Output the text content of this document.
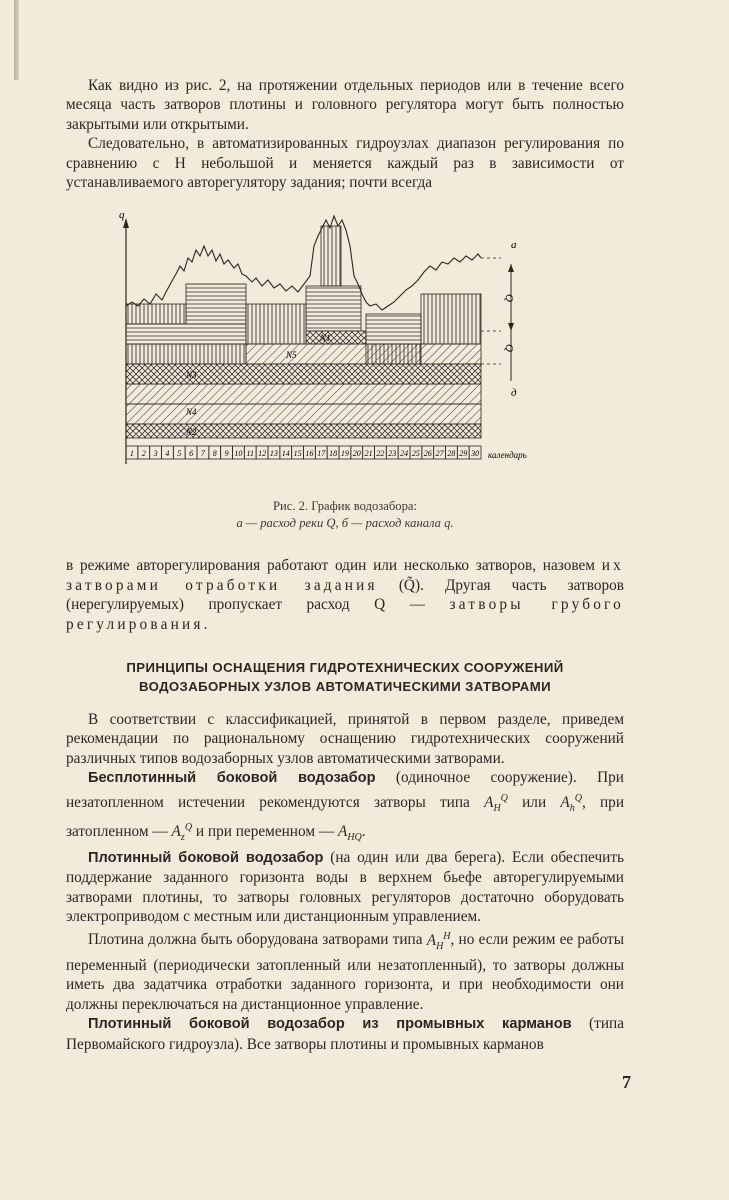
Как видно из рис. 2, на протяжении отдельных периодов или в течение всего месяца часть затворов плотины и головного регулятора могут быть полностью закрытыми или открытыми.

Следовательно, в автоматизированных гидроузлах диапазон регулирования по сравнению с H небольшой и меняется каждый раз в зависимости от устанавливаемого авторегулятору задания; почти всегда

q
а
Q
Q
д
N4
N2
N3
N5
N1
1 2 3 4 5 6 7 8 9 10 11 12 13 14 15 16 17 18 19 20 21 22 23 24 25 26 27 28 29 30 календарь
Рис. 2. График водозабора:
а — расход реки Q, б — расход канала q.

в режиме авторегулирования работают один или несколько затворов, назовем их затворами отработки задания (Q̃). Другая часть затворов (нерегулируемых) пропускает расход Q — затворы грубого регулирования.

ПРИНЦИПЫ ОСНАЩЕНИЯ ГИДРОТЕХНИЧЕСКИХ СООРУЖЕНИЙ
ВОДОЗАБОРНЫХ УЗЛОВ АВТОМАТИЧЕСКИМИ ЗАТВОРАМИ

В соответствии с классификацией, принятой в первом разделе, приведем рекомендации по рациональному оснащению гидротехнических сооружений различных типов водозаборных узлов автоматическими затворами.

Бесплотинный боковой водозабор (одиночное сооружение). При незатопленном истечении рекомендуются затворы типа $A_H^Q$ или $A_h^Q$, при затопленном — $A_z^Q$ и при переменном — $A_{HQ}$.

Плотинный боковой водозабор (на один или два берега). Если обеспечить поддержание заданного горизонта воды в верхнем бьефе авторегулируемыми затворами плотины, то затворы головных регуляторов достаточно оборудовать электроприводом с местным или дистанционным управлением.

Плотина должна быть оборудована затворами типа $A_H^H$, но если режим ее работы переменный (периодически затопленный или незатопленный), то затворы должны иметь два задатчика отработки заданного горизонта, и при необходимости они должны переключаться на дистанционное управление.

Плотинный боковой водозабор из промывных карманов (типа Первомайского гидроузла). Все затворы плотины и промывных карманов

7
